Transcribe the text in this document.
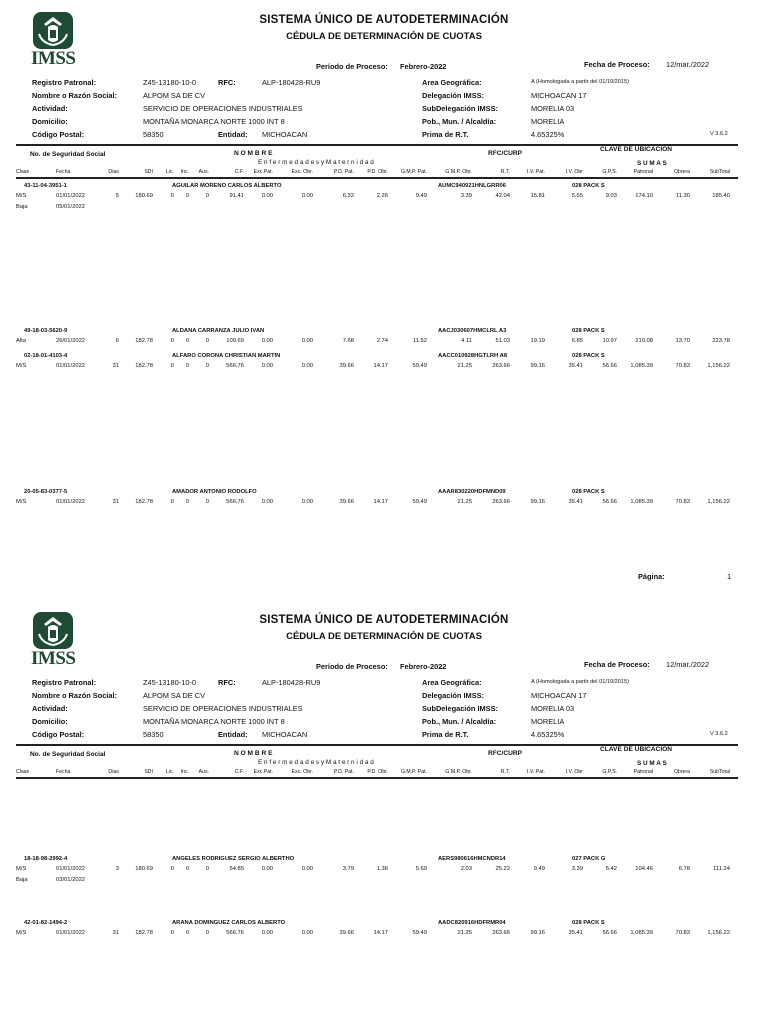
IMSS
SISTEMA ÚNICO DE AUTODETERMINACIÓN
CÉDULA DE DETERMINACIÓN DE CUOTAS
Período de Proceso: Febrero-2022	Fecha de Proceso: 12/mar./2022
Registro Patronal:	Z45-13180-10-0
Nombre o Razón Social:	ALPOM SA DE CV
Actividad:	SERVICIO DE OPERACIONES INDUSTRIALES
Domicilio:	MONTAÑA MONARCA NORTE 1000 INT 8
Código Postal:	58350
RFC:	ALP-180428-RU9
Entidad: MICHOACAN
Area Geográfica:	A (Homologada a partir del 01/10/2015)
Delegación IMSS:	MICHOACAN 17
SubDelegación IMSS:	MORELIA 03
Pob., Mun. / Alcaldía:	MORELIA
Prima de R.T.	4.65325%	V 3.6.2
No. de Seguridad Social	N O M B R E
E n f e r m e d a d e s y M a t e r n i d a d
RFC/CURP
CLAVE DE UBICACIÓN
S U M A S
Clase	Fecha	Días	SDI	Lic.	Inc.	Aus.	C.F.	Exc.Pat.	Exc. Obr.	P.D. Pat.	P.D. Obr.	G.M.P. Pat.	G.M.P. Obr.	R.T.	I.V. Pat.	I.V. Obr	G.P.S.	Patronal	Obrera	SubTotal
43-11-04-3951-1	AGUILAR MORENO CARLOS ALBERTO	AUMC940921HNLGRR06	028 PACK S
M/S	01/01/2022	5	180.69	0	0	0	91.41	0.00	0.00	6.32	2.26	9.49	3.39	42.04	15.81	5.65	9.03	174.10	11.30	185.40
Baja	05/01/2022
49-18-03-5620-9	ALDANA CARRANZA JULIO IVAN	AACJ030607HMCLRL A3	028 PACK S
Alta	26/01/2022	6	182.78	0	0	0	109.69	0.00	0.00	7.68	2.74	11.52	4.11	51.03	19.19	6.85	10.97	210.08	13.70	223.78
02-18-01-4103-4	ALFARO CORONA CHRISTIAN MARTIN	AACC010928HGTLRH A8	028 PACK S
M/S	01/01/2022	31	182.78	0	0	0	566.76	0.00	0.00	39.66	14.17	59.49	21.25	263.66	99.16	35.41	56.66	1,085.39	70.83	1,156.22
20-05-83-0377-5	AMADOR ANTONIO RODOLFO	AAAR830220HDFMND09	028 PACK S
M/S	01/01/2022	31	182.78	0	0	0	566.76	0.00	0.00	39.66	14.17	59.49	21.25	263.66	99.16	35.41	56.66	1,085.39	70.83	1,156.22
Página:	1
IMSS
SISTEMA ÚNICO DE AUTODETERMINACIÓN
CÉDULA DE DETERMINACIÓN DE CUOTAS
Período de Proceso: Febrero-2022	Fecha de Proceso: 12/mar./2022
Registro Patronal:	Z45-13180-10-0
Nombre o Razón Social:	ALPOM SA DE CV
Actividad:	SERVICIO DE OPERACIONES INDUSTRIALES
Domicilio:	MONTAÑA MONARCA NORTE 1000 INT 8
Código Postal:	58350
RFC:	ALP-180428-RU9
Entidad: MICHOACAN
Area Geográfica:	A (Homologada a partir del 01/10/2015)
Delegación IMSS:	MICHOACAN 17
SubDelegación IMSS:	MORELIA 03
Pob., Mun. / Alcaldía:	MORELIA
Prima de R.T.	4.65325%	V 3.6.2
No. de Seguridad Social	N O M B R E
E n f e r m e d a d e s y M a t e r n i d a d
RFC/CURP
CLAVE DE UBICACIÓN
S U M A S
Clase	Fecha	Días	SDI	Lic.	Inc.	Aus.	C.F.	Exc.Pat.	Exc. Obr.	P.D. Pat.	P.D. Obr.	G.M.P. Pat.	G.M.P. Obr.	R.T.	I.V. Pat.	I.V. Obr	G.P.S.	Patronal	Obrera	SubTotal
18-18-98-2992-4	ANGELES RODRIGUEZ SERGIO ALBERTHO	AERS980616HMCNDR14	027 PACK G
M/S	01/01/2022	3	180.69	0	0	0	54.85	0.00	0.00	3.79	1.36	5.69	2.03	25.22	9.49	3.39	5.42	104.46	6.78	111.24
Baja	03/01/2022
42-01-82-1494-2	ARANA DOMINGUEZ CARLOS ALBERTO	AADC820916HDFRMR04	028 PACK S
M/S	01/01/2022	31	182.78	0	0	0	566.76	0.00	0.00	39.66	14.17	59.49	21.25	263.66	99.16	35.41	56.66	1,085.39	70.83	1,156.22
